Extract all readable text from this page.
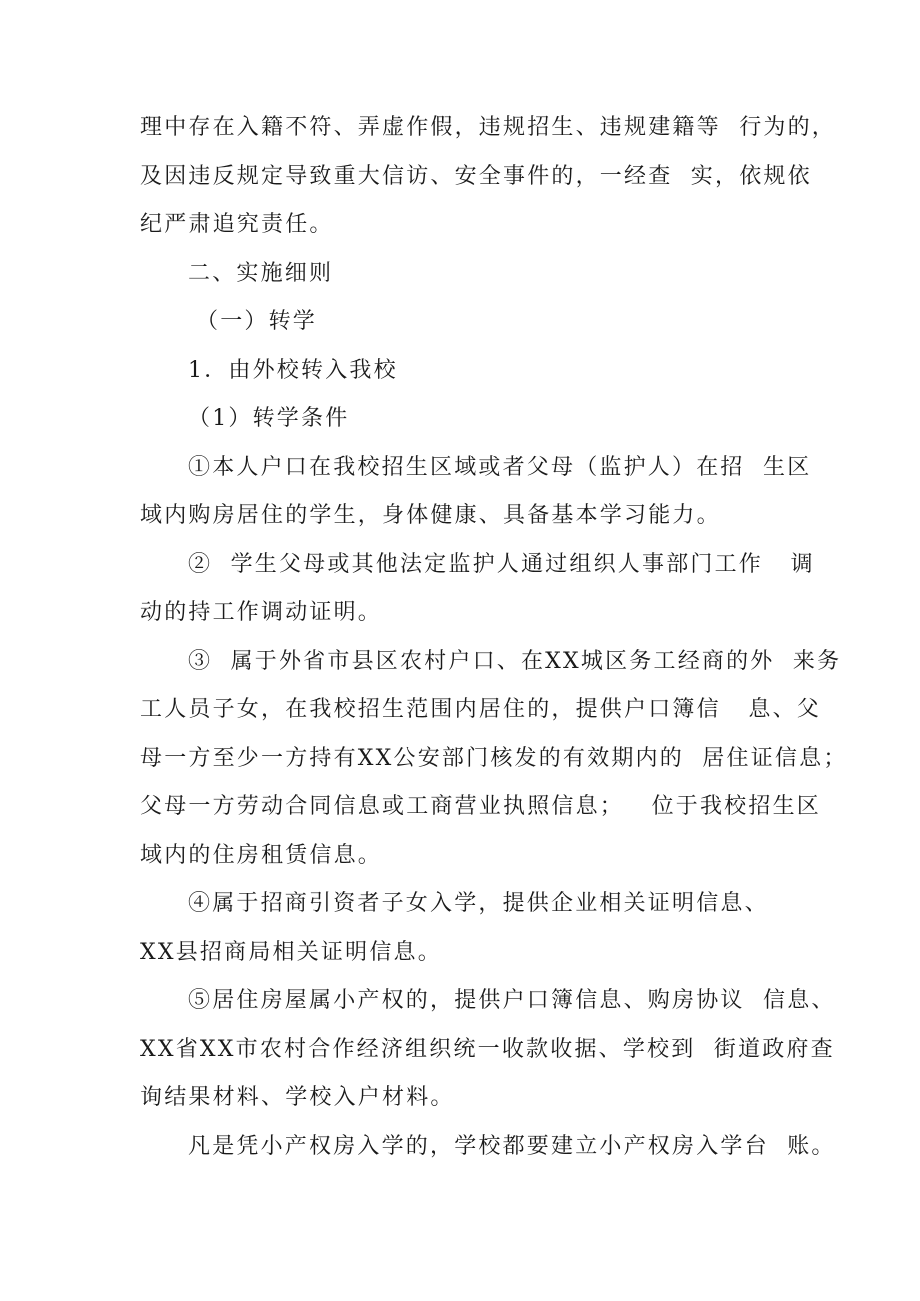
理中存在入籍不符、弄虚作假，违规招生、违规建籍等  行为的，
及因违反规定导致重大信访、安全事件的，一经查  实，依规依
纪严肃追究责任。
二、实施细则
（一）转学
1．由外校转入我校
（1）转学条件
①本人户口在我校招生区域或者父母（监护人）在招  生区
域内购房居住的学生，身体健康、具备基本学习能力。
②  学生父母或其他法定监护人通过组织人事部门工作   调
动的持工作调动证明。
③  属于外省市县区农村户口、在XX城区务工经商的外  来务
工人员子女，在我校招生范围内居住的，提供户口簿信   息、父
母一方至少一方持有XX公安部门核发的有效期内的  居住证信息；
父母一方劳动合同信息或工商营业执照信息；   位于我校招生区
域内的住房租赁信息。
④属于招商引资者子女入学，提供企业相关证明信息、
XX县招商局相关证明信息。
⑤居住房屋属小产权的，提供户口簿信息、购房协议  信息、
XX省XX市农村合作经济组织统一收款收据、学校到  街道政府查
询结果材料、学校入户材料。
凡是凭小产权房入学的，学校都要建立小产权房入学台  账。
